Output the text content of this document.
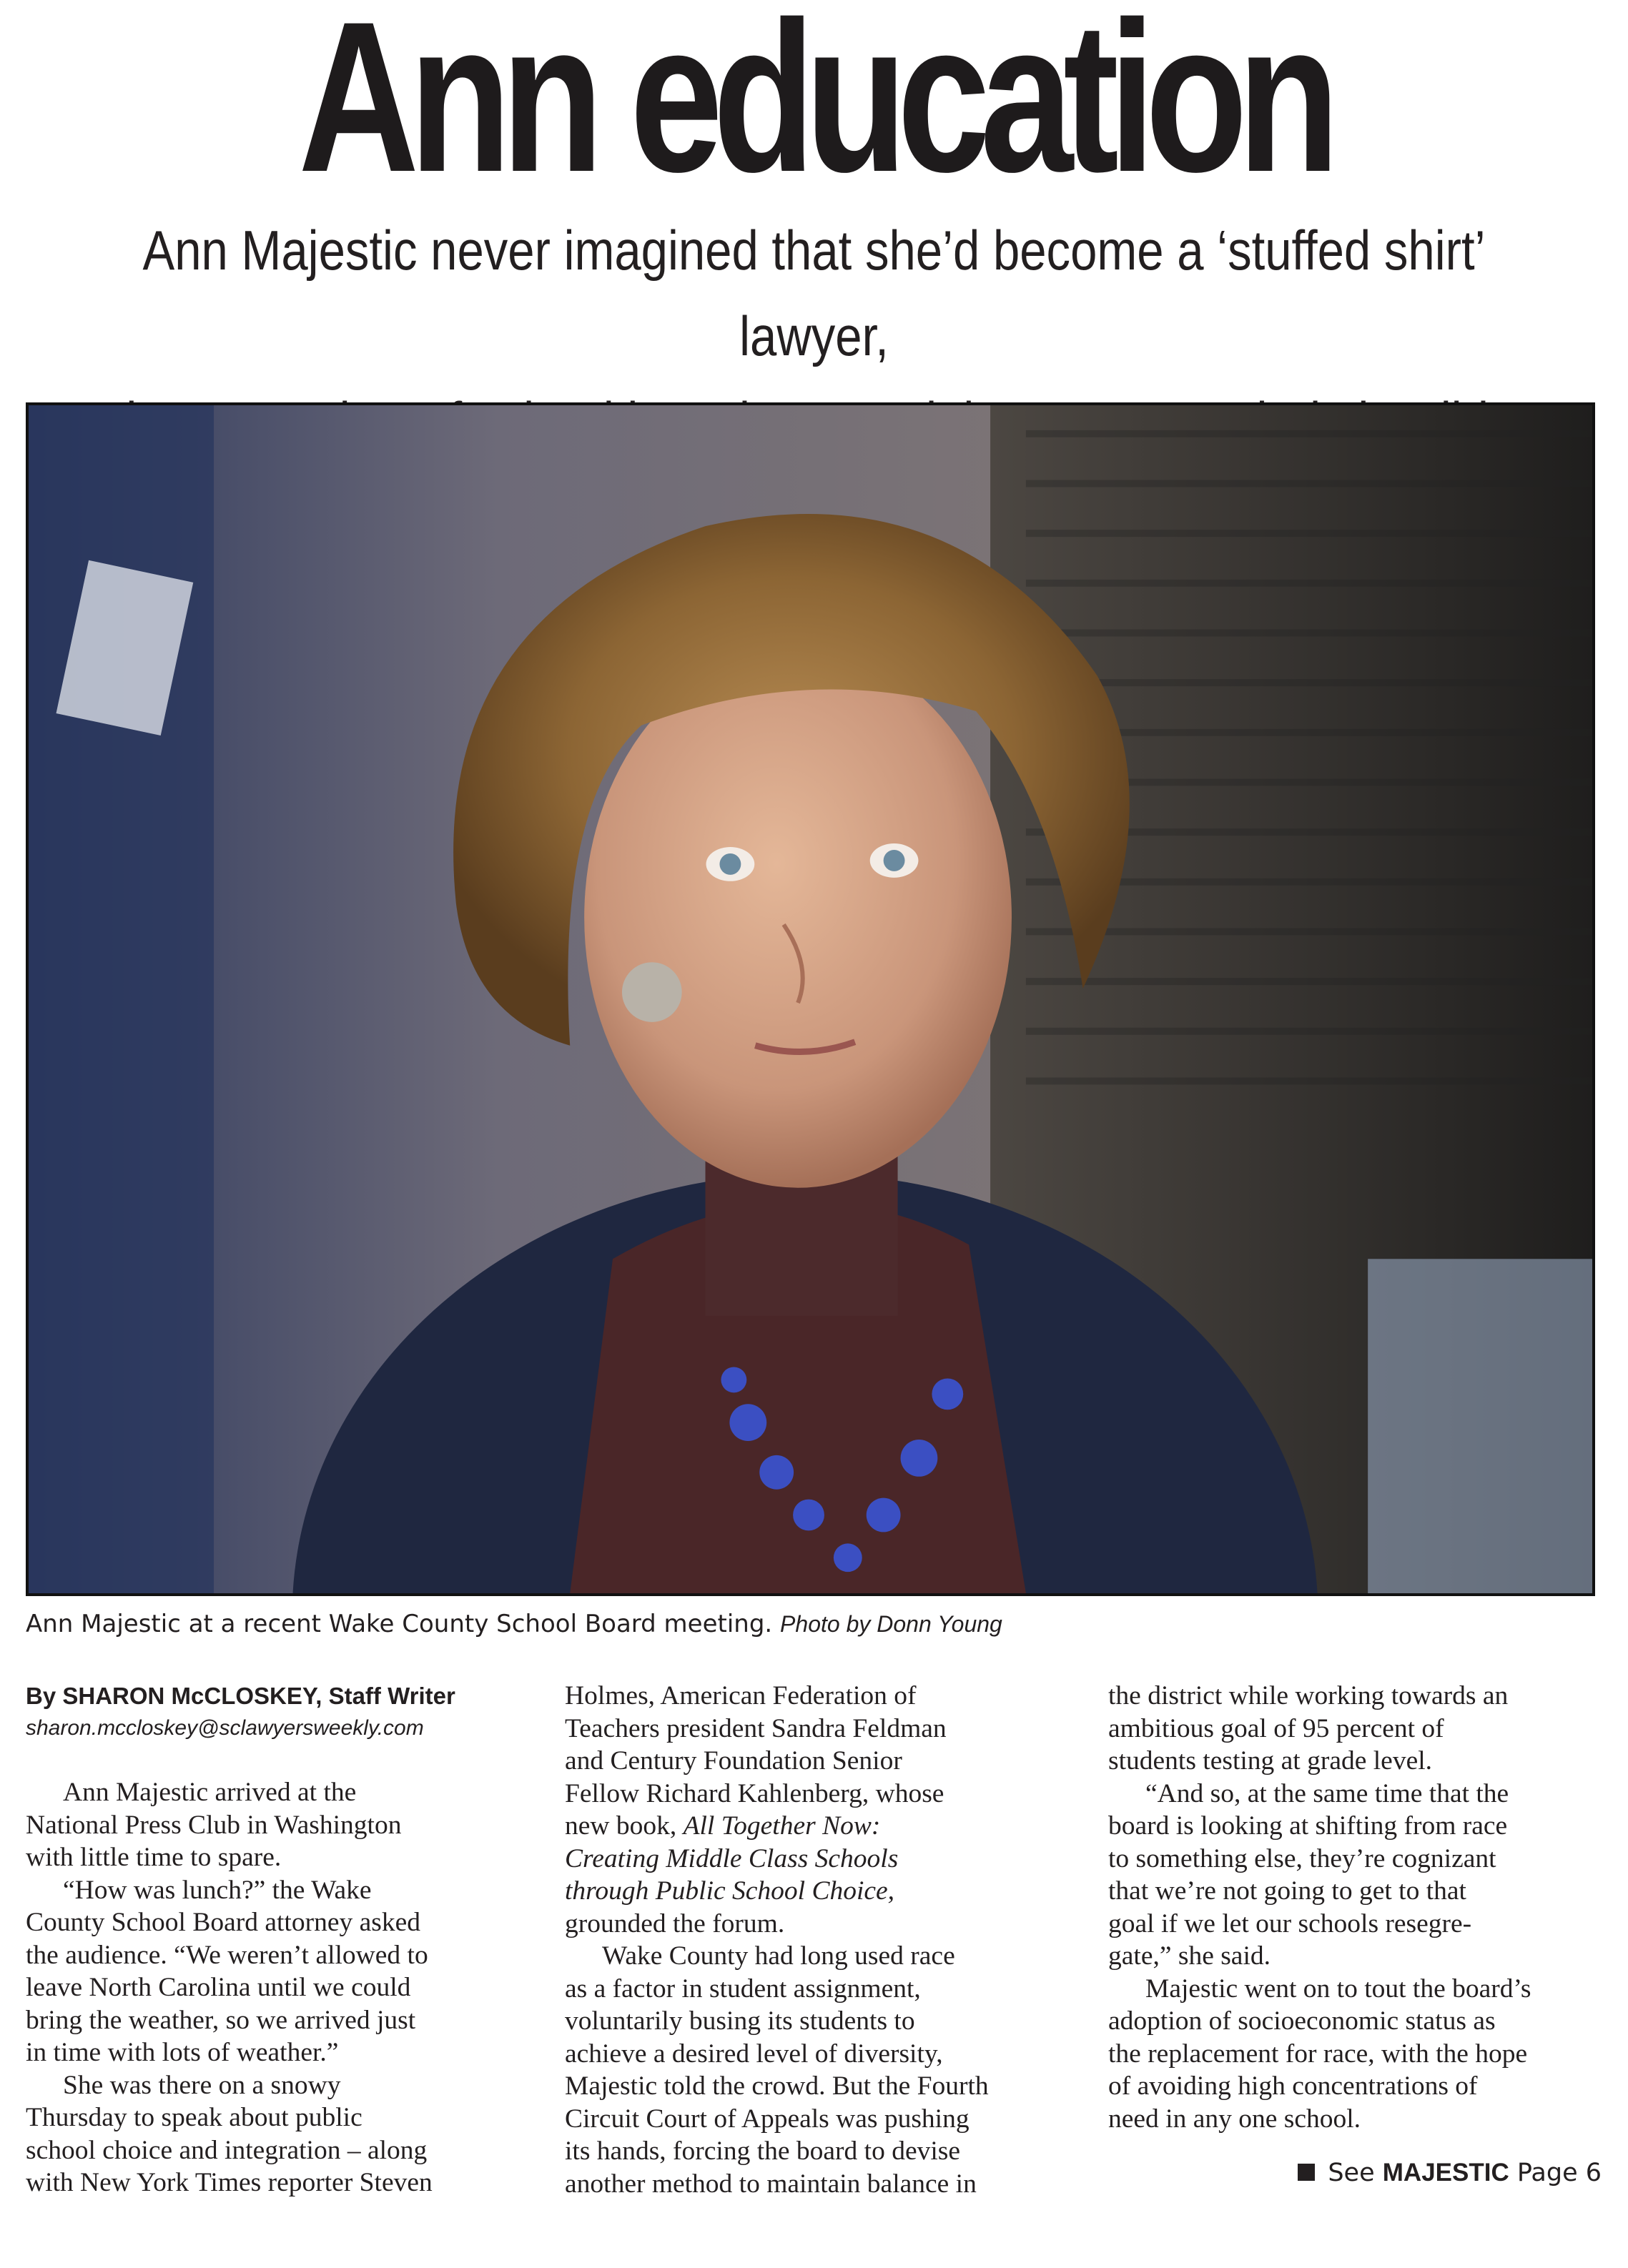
Ann education
Ann Majestic never imagined that she’d become a ‘stuffed shirt’ lawyer,
Ann Majestic at a recent Wake County School Board meeting. Photo by Donn Young
By SHARON McCLOSKEY, Staff Writer
sharon.mccloskey@sclawyersweekly.com
Ann Majestic arrived at the
National Press Club in Washington
with little time to spare.
“How was lunch?” the Wake
County School Board attorney asked
the audience. “We weren’t allowed to
leave North Carolina until we could
bring the weather, so we arrived just
in time with lots of weather.”
She was there on a snowy
Thursday to speak about public
school choice and integration – along
with New York Times reporter Steven
Holmes, American Federation of
Teachers president Sandra Feldman
and Century Foundation Senior
Fellow Richard Kahlenberg, whose
new book, All Together Now:
Creating Middle Class Schools
through Public School Choice,
grounded the forum.
Wake County had long used race
as a factor in student assignment,
voluntarily busing its students to
achieve a desired level of diversity,
Majestic told the crowd. But the Fourth
Circuit Court of Appeals was pushing
its hands, forcing the board to devise
another method to maintain balance in
the district while working towards an
ambitious goal of 95 percent of
students testing at grade level.
“And so, at the same time that the
board is looking at shifting from race
to something else, they’re cognizant
that we’re not going to get to that
goal if we let our schools resegre-
gate,” she said.
Majestic went on to tout the board’s
adoption of socioeconomic status as
the replacement for race, with the hope
of avoiding high concentrations of
need in any one school.
See MAJESTIC Page 6
